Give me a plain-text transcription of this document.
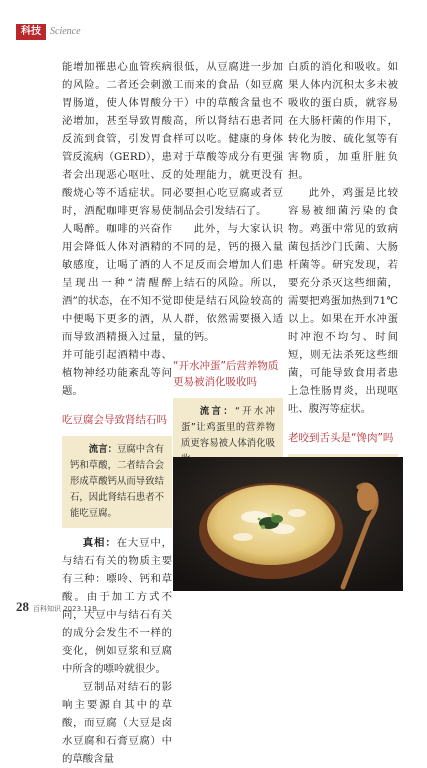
科技 Science

能增加罹患心血管疾病的风险。二者还会刺激胃肠道，使人体胃酸分泌增加，甚至导致胃酸反流到食管，引发胃食管反流病（GERD），患者会出现恶心呕吐、反酸烧心等不适症状。同时，酒配咖啡更容易使人喝醉。咖啡的兴奋作用会降低人体对酒精的敏感度，让喝了酒的人呈现出一种“清醒醉酒”的状态，在不知不觉中便喝下更多的酒，从而导致酒精摄入过量，并可能引起酒精中毒、植物神经功能紊乱等问题。

吃豆腐会导致肾结石吗
流言：豆腐中含有钙和草酸，二者结合会形成草酸钙从而导致结石，因此肾结石患者不能吃豆腐。

真相：在大豆中，与结石有关的物质主要有三种：嘌呤、钙和草酸。由于加工方式不同，大豆中与结石有关的成分会发生不一样的变化，例如豆浆和豆腐中所含的嘌呤就很少。

豆制品对结石的影响主要源自其中的草酸，而豆腐（大豆是卤水豆腐和石膏豆腐）中的草酸含量

很低，从豆腐进一步加工而来的食品（如豆腐干）中的草酸含量也不高，所以肾结石患者同样可以吃。健康的身体对于草酸等成分有更强的处理能力，就更没有必要担心吃豆腐或者豆制品会引发结石了。

此外，与大家认识不同的是，钙的摄入量不足反而会增加人们患上结石的风险。所以，即使是结石风险较高的人群，依然需要摄入适量的钙。

“开水冲蛋”后营养物质
更易被消化吸收吗
流言：“开水冲蛋”让鸡蛋里的营养物质更容易被人体消化吸

白质的消化和吸收。如果人体内沉积太多未被吸收的蛋白质，就容易在大肠杆菌的作用下，转化为胺、硫化氢等有害物质，加重肝脏负担。

此外，鸡蛋是比较容易被细菌污染的食物。鸡蛋中常见的致病菌包括沙门氏菌、大肠杆菌等。研究发现，若要充分杀灭这些细菌，需要把鸡蛋加热到71℃以上。如果在开水冲蛋时冲泡不均匀、时间短，则无法杀死这些细菌，可能导致食用者患上急性肠胃炎，出现呕吐、腹泻等症状。

老咬到舌头是“馋肉”吗
28 百科知识 2023.11B
